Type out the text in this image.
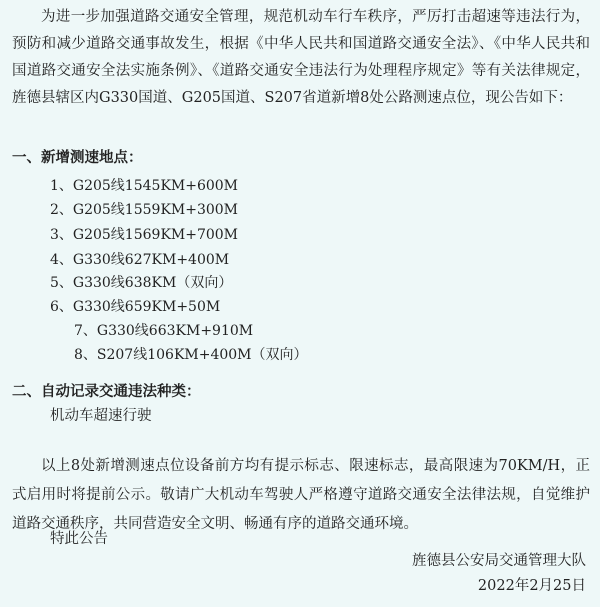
为进一步加强道路交通安全管理，规范机动车行车秩序，严厉打击超速等违法行为，预防和减少道路交通事故发生，根据《中华人民共和国道路交通安全法》、《中华人民共和国道路交通安全法实施条例》、《道路交通安全违法行为处理程序规定》等有关法律规定，旌德县辖区内G330国道、G205国道、S207省道新增8处公路测速点位，现公告如下：

一、新增测速地点：

1、G205线1545KM+600M

2、G205线1559KM+300M

3、G205线1569KM+700M

4、G330线627KM+400M

5、G330线638KM（双向）

6、G330线659KM+50M

7、G330线663KM+910M

8、S207线106KM+400M（双向）

二、自动记录交通违法种类：

机动车超速行驶

以上8处新增测速点位设备前方均有提示标志、限速标志，最高限速为70KM/H，正式启用时将提前公示。敬请广大机动车驾驶人严格遵守道路交通安全法律法规，自觉维护道路交通秩序，共同营造安全文明、畅通有序的道路交通环境。

特此公告

旌德县公安局交通管理大队

2022年2月25日
